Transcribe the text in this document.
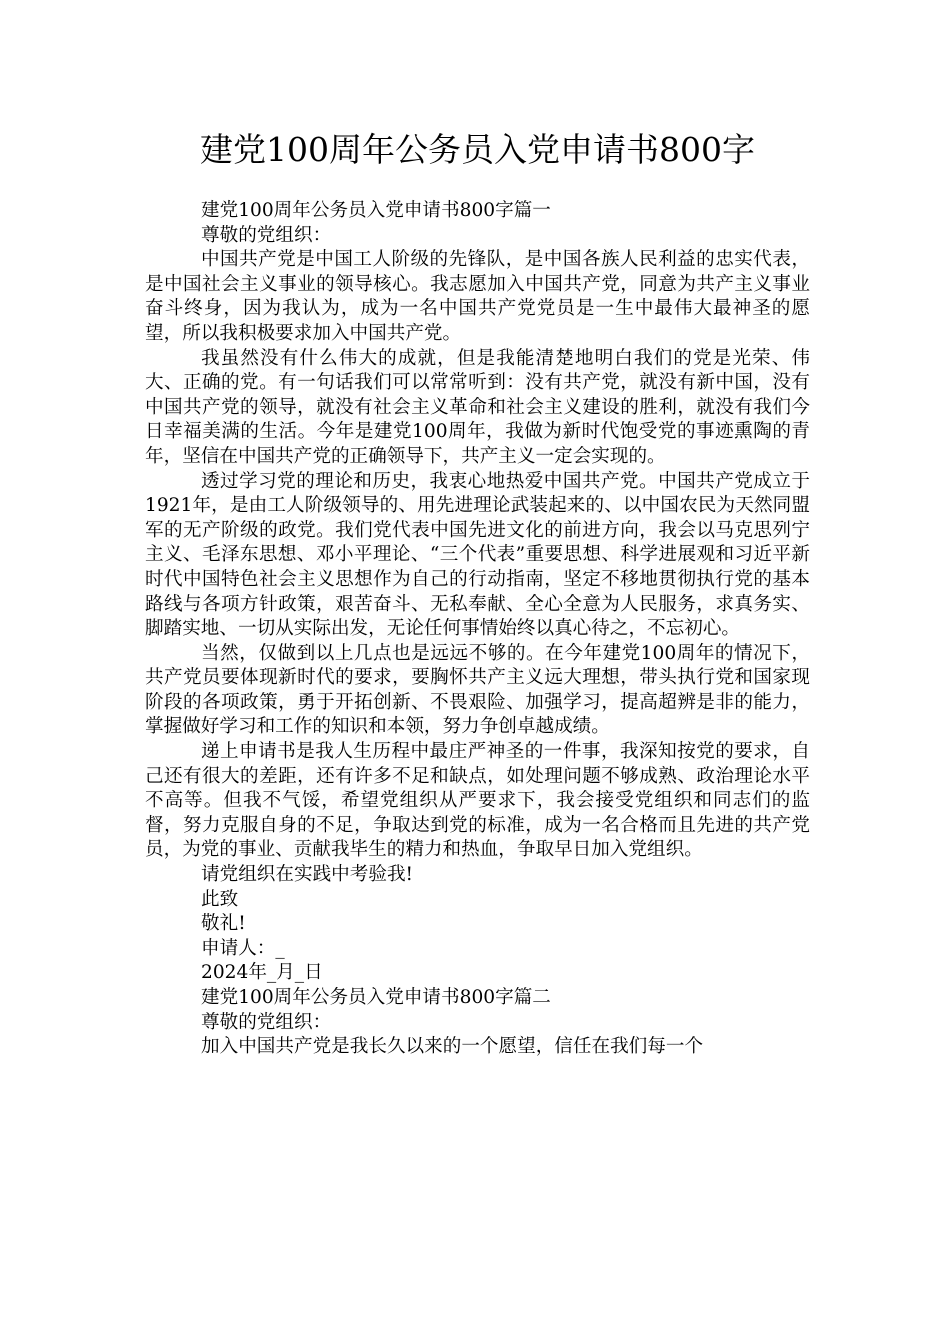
建党100周年公务员入党申请书800字

建党100周年公务员入党申请书800字篇一

尊敬的党组织：

中国共产党是中国工人阶级的先锋队，是中国各族人民利益的忠实代表，是中国社会主义事业的领导核心。我志愿加入中国共产党，同意为共产主义事业奋斗终身，因为我认为，成为一名中国共产党党员是一生中最伟大最神圣的愿望，所以我积极要求加入中国共产党。

我虽然没有什么伟大的成就，但是我能清楚地明白我们的党是光荣、伟大、正确的党。有一句话我们可以常常听到：没有共产党，就没有新中国，没有中国共产党的领导，就没有社会主义革命和社会主义建设的胜利，就没有我们今日幸福美满的生活。今年是建党100周年，我做为新时代饱受党的事迹熏陶的青年，坚信在中国共产党的正确领导下，共产主义一定会实现的。

透过学习党的理论和历史，我衷心地热爱中国共产党。中国共产党成立于1921年，是由工人阶级领导的、用先进理论武装起来的、以中国农民为天然同盟军的无产阶级的政党。我们党代表中国先进文化的前进方向，我会以马克思列宁主义、毛泽东思想、邓小平理论、“三个代表”重要思想、科学进展观和习近平新时代中国特色社会主义思想作为自己的行动指南，坚定不移地贯彻执行党的基本路线与各项方针政策，艰苦奋斗、无私奉献、全心全意为人民服务，求真务实、脚踏实地、一切从实际出发，无论任何事情始终以真心待之，不忘初心。

当然，仅做到以上几点也是远远不够的。在今年建党100周年的情况下，共产党员要体现新时代的要求，要胸怀共产主义远大理想，带头执行党和国家现阶段的各项政策，勇于开拓创新、不畏艰险、加强学习，提高超辨是非的能力，掌握做好学习和工作的知识和本领，努力争创卓越成绩。

递上申请书是我人生历程中最庄严神圣的一件事，我深知按党的要求，自己还有很大的差距，还有许多不足和缺点，如处理问题不够成熟、政治理论水平不高等。但我不气馁，希望党组织从严要求下，我会接受党组织和同志们的监督，努力克服自身的不足，争取达到党的标准，成为一名合格而且先进的共产党员，为党的事业、贡献我毕生的精力和热血，争取早日加入党组织。

请党组织在实践中考验我!

此致

敬礼!

申请人：_

2024年_月_日

建党100周年公务员入党申请书800字篇二

尊敬的党组织：

加入中国共产党是我长久以来的一个愿望，信任在我们每一个
